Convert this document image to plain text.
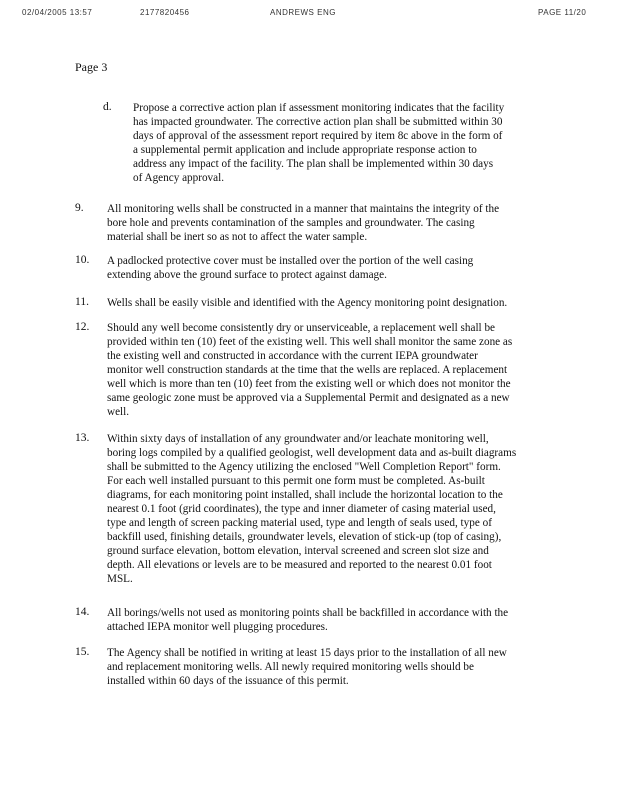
02/04/2005 13:57	2177820456	ANDREWS ENG	PAGE 11/20
Page 3
d. Propose a corrective action plan if assessment monitoring indicates that the facility
has impacted groundwater. The corrective action plan shall be submitted within 30
days of approval of the assessment report required by item 8c above in the form of
a supplemental permit application and include appropriate response action to
address any impact of the facility. The plan shall be implemented within 30 days
of Agency approval.
9. All monitoring wells shall be constructed in a manner that maintains the integrity of the
bore hole and prevents contamination of the samples and groundwater. The casing
material shall be inert so as not to affect the water sample.
10. A padlocked protective cover must be installed over the portion of the well casing
extending above the ground surface to protect against damage.
11. Wells shall be easily visible and identified with the Agency monitoring point designation.
12. Should any well become consistently dry or unserviceable, a replacement well shall be
provided within ten (10) feet of the existing well. This well shall monitor the same zone as
the existing well and constructed in accordance with the current IEPA groundwater
monitor well construction standards at the time that the wells are replaced. A replacement
well which is more than ten (10) feet from the existing well or which does not monitor the
same geologic zone must be approved via a Supplemental Permit and designated as a new
well.
13. Within sixty days of installation of any groundwater and/or leachate monitoring well,
boring logs compiled by a qualified geologist, well development data and as-built diagrams
shall be submitted to the Agency utilizing the enclosed "Well Completion Report" form.
For each well installed pursuant to this permit one form must be completed. As-built
diagrams, for each monitoring point installed, shall include the horizontal location to the
nearest 0.1 foot (grid coordinates), the type and inner diameter of casing material used,
type and length of screen packing material used, type and length of seals used, type of
backfill used, finishing details, groundwater levels, elevation of stick-up (top of casing),
ground surface elevation, bottom elevation, interval screened and screen slot size and
depth. All elevations or levels are to be measured and reported to the nearest 0.01 foot
MSL.
14. All borings/wells not used as monitoring points shall be backfilled in accordance with the
attached IEPA monitor well plugging procedures.
15. The Agency shall be notified in writing at least 15 days prior to the installation of all new
and replacement monitoring wells. All newly required monitoring wells should be
installed within 60 days of the issuance of this permit.
